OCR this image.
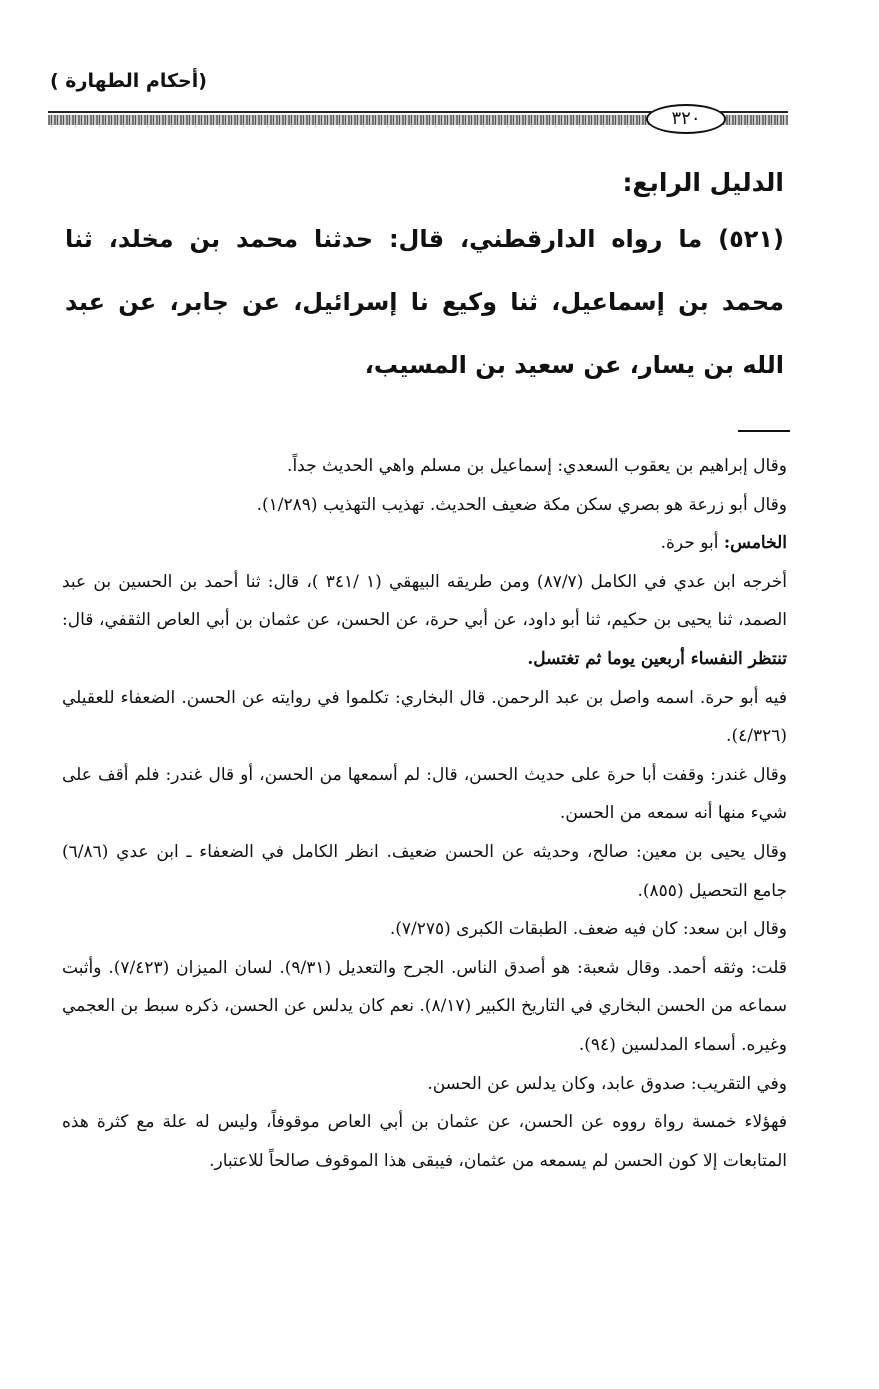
(أحكام الطهارة )
٣٢٠

الدليل الرابع:

(٥٢١) ما رواه الدارقطني، قال: حدثنا محمد بن مخلد، ثنا محمد بن إسماعيل، ثنا وكيع نا إسرائيل، عن جابر، عن عبد الله بن يسار، عن سعيد بن المسيب،

وقال إبراهيم بن يعقوب السعدي: إسماعيل بن مسلم واهي الحديث جداً.

وقال أبو زرعة هو بصري سكن مكة ضعيف الحديث. تهذيب التهذيب (١/٢٨٩).

الخامس: أبو حرة.

أخرجه ابن عدي في الكامل (٨٧/٧) ومن طريقه البيهقي (١ /٣٤١ )، قال: ثنا أحمد بن الحسين بن عبد الصمد، ثنا يحيى بن حكيم، ثنا أبو داود، عن أبي حرة، عن الحسن، عن عثمان بن أبي العاص الثقفي، قال: تنتظر النفساء أربعين يوما ثم تغتسل.

فيه أبو حرة. اسمه واصل بن عبد الرحمن. قال البخاري: تكلموا في روايته عن الحسن. الضعفاء للعقيلي (٤/٣٢٦).

وقال غندر: وقفت أبا حرة على حديث الحسن، قال: لم أسمعها من الحسن، أو قال غندر: فلم أقف على شيء منها أنه سمعه من الحسن.

وقال يحيى بن معين: صالح، وحديثه عن الحسن ضعيف. انظر الكامل في الضعفاء ـ ابن عدي (٦/٨٦) جامع التحصيل (٨٥٥).

وقال ابن سعد: كان فيه ضعف. الطبقات الكبرى (٧/٢٧٥).

قلت: وثقه أحمد. وقال شعبة: هو أصدق الناس. الجرح والتعديل (٩/٣١). لسان الميزان (٧/٤٢٣). وأثبت سماعه من الحسن البخاري في التاريخ الكبير (٨/١٧). نعم كان يدلس عن الحسن، ذكره سبط بن العجمي وغيره. أسماء المدلسين (٩٤).

وفي التقريب: صدوق عابد، وكان يدلس عن الحسن.

فهؤلاء خمسة رواة رووه عن الحسن، عن عثمان بن أبي العاص موقوفاً، وليس له علة مع كثرة هذه المتابعات إلا كون الحسن لم يسمعه من عثمان، فيبقى هذا الموقوف صالحاً للاعتبار.
